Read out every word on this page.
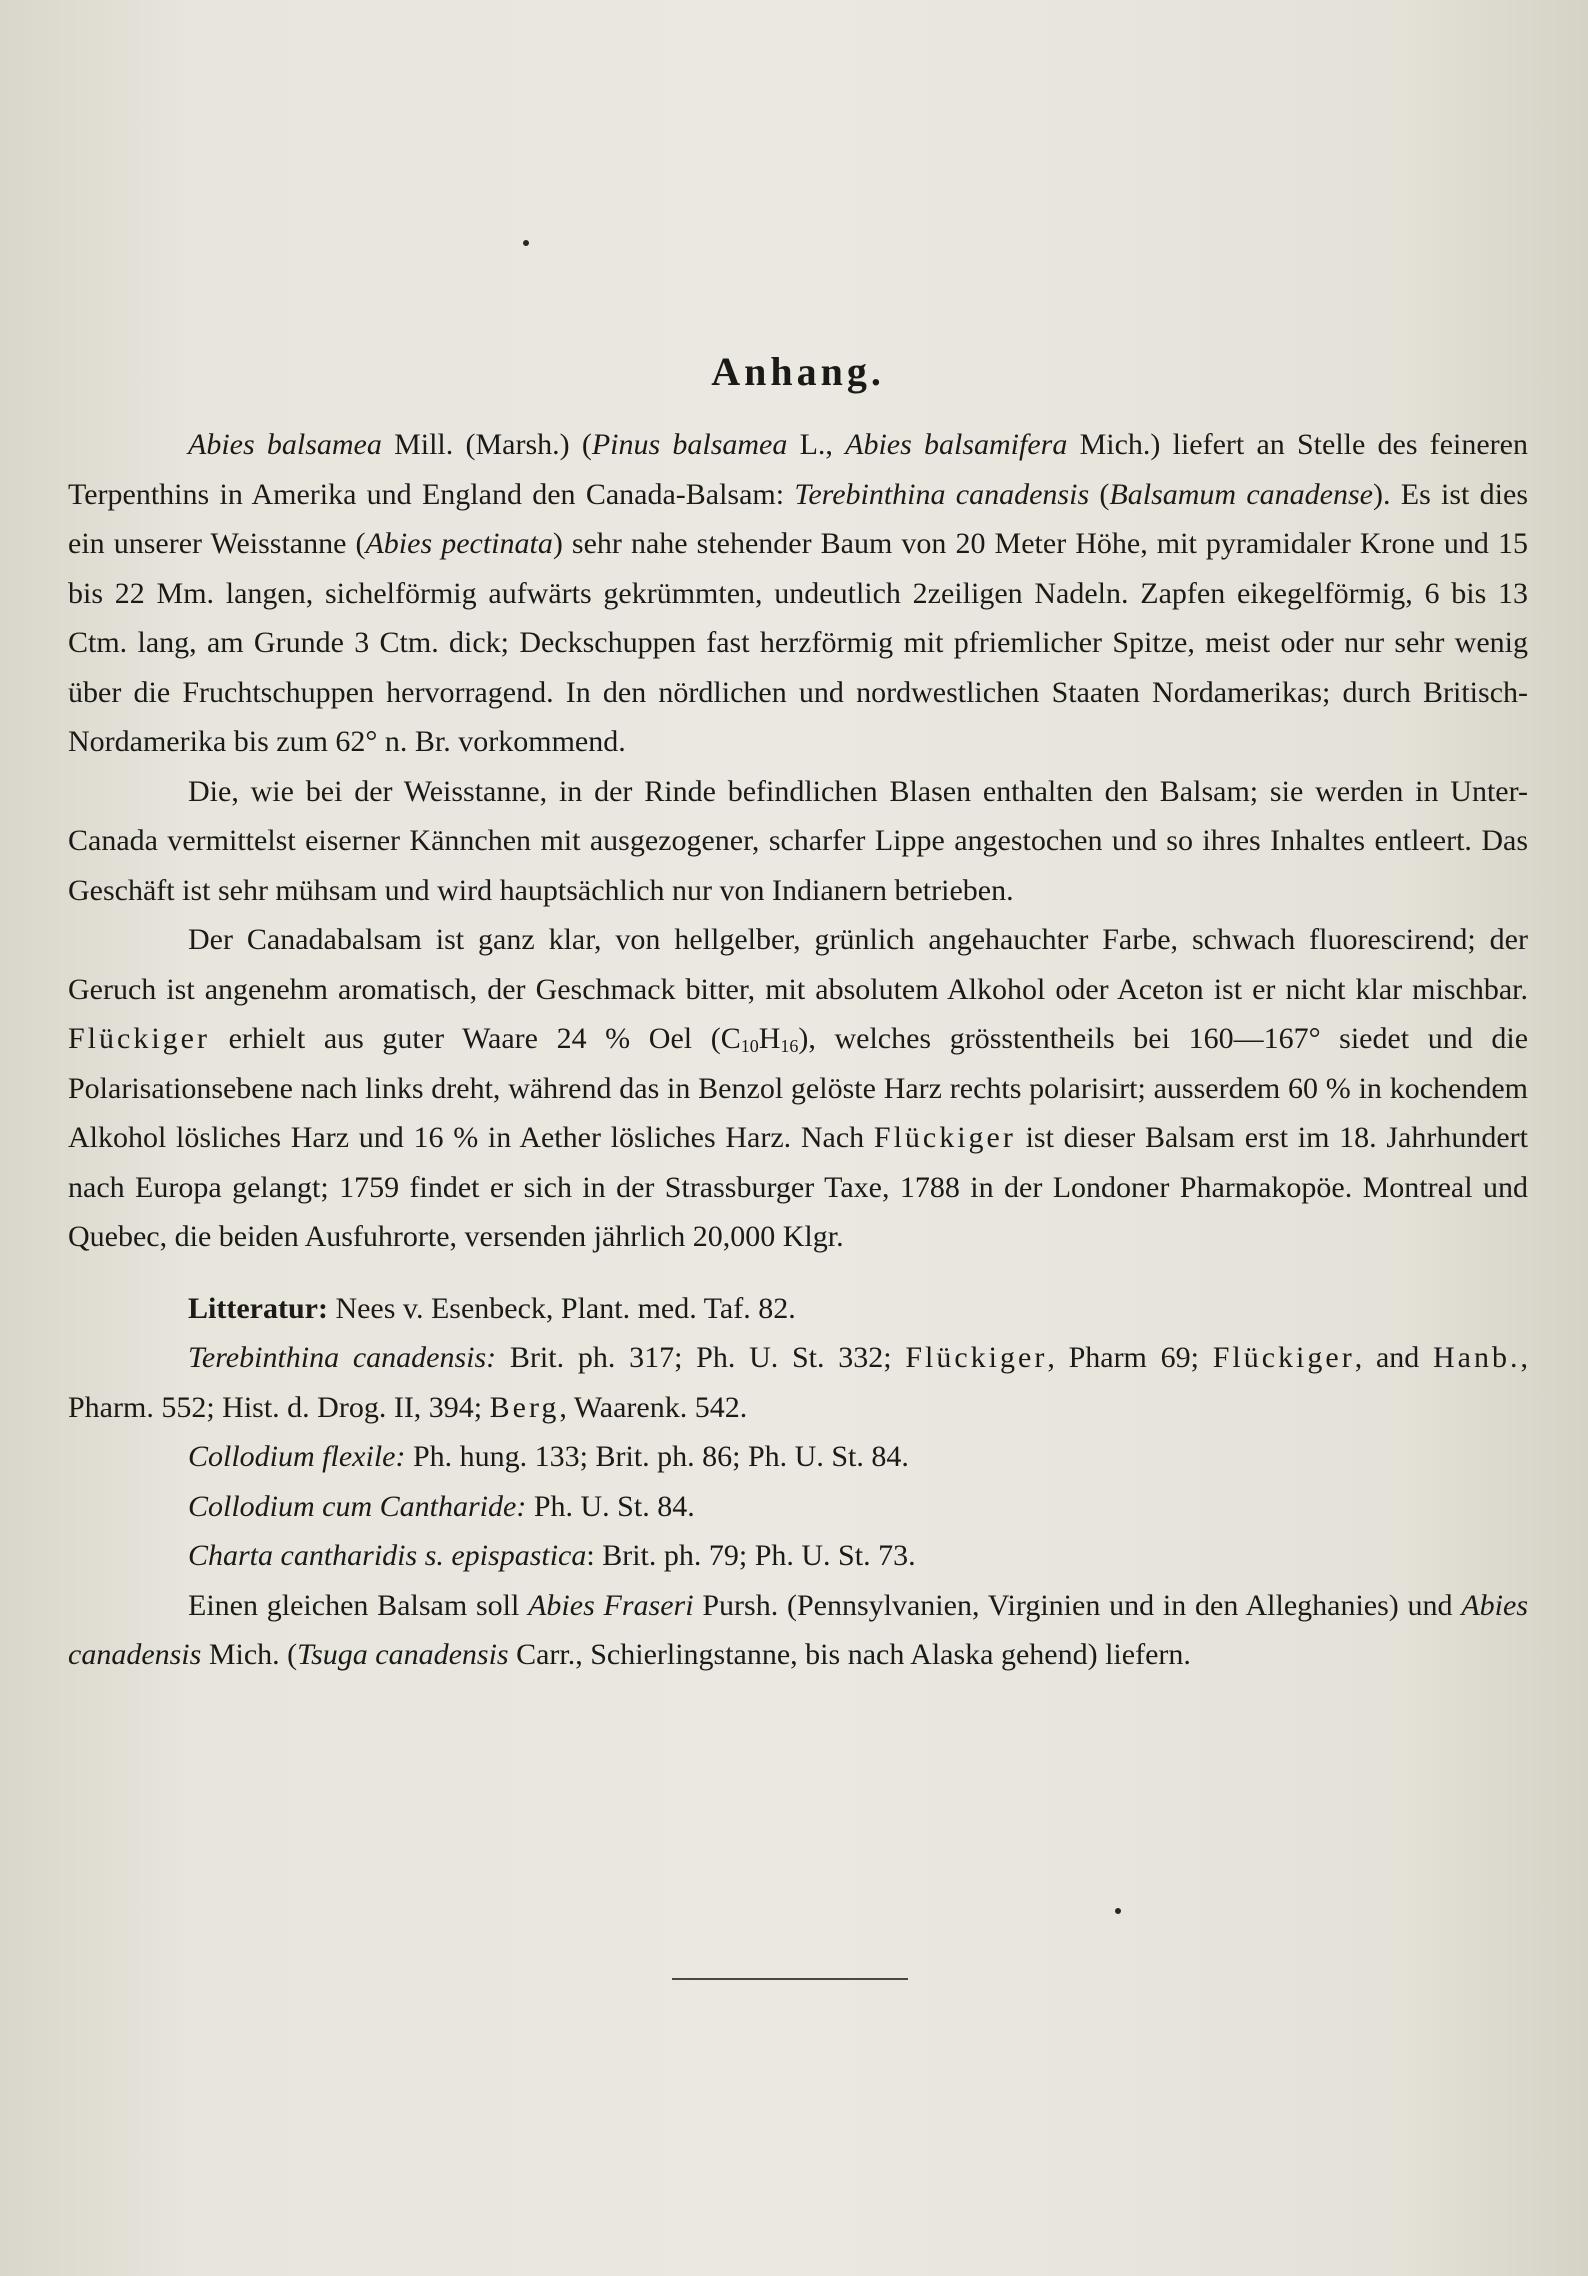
Anhang.

Abies balsamea Mill. (Marsh.) (Pinus balsamea L., Abies balsamifera Mich.) liefert an Stelle des feineren Terpenthins in Amerika und England den Canada-Balsam: Terebinthina canadensis (Balsamum canadense). Es ist dies ein unserer Weisstanne (Abies pectinata) sehr nahe stehender Baum von 20 Meter Höhe, mit pyramidaler Krone und 15 bis 22 Mm. langen, sichelförmig aufwärts gekrümmten, undeutlich 2zeiligen Nadeln. Zapfen eikegelförmig, 6 bis 13 Ctm. lang, am Grunde 3 Ctm. dick; Deckschuppen fast herzförmig mit pfriemlicher Spitze, meist oder nur sehr wenig über die Fruchtschuppen hervorragend. In den nördlichen und nordwestlichen Staaten Nordamerikas; durch Britisch-Nordamerika bis zum 62° n. Br. vorkommend.

Die, wie bei der Weisstanne, in der Rinde befindlichen Blasen enthalten den Balsam; sie werden in Unter-Canada vermittelst eiserner Kännchen mit ausgezogener, scharfer Lippe angestochen und so ihres Inhaltes entleert. Das Geschäft ist sehr mühsam und wird hauptsächlich nur von Indianern betrieben.

Der Canadabalsam ist ganz klar, von hellgelber, grünlich angehauchter Farbe, schwach fluorescirend; der Geruch ist angenehm aromatisch, der Geschmack bitter, mit absolutem Alkohol oder Aceton ist er nicht klar mischbar. Flückiger erhielt aus guter Waare 24 % Oel $(C_{10}H_{16})$, welches grösstentheils bei 160—167° siedet und die Polarisationsebene nach links dreht, während das in Benzol gelöste Harz rechts polarisirt; ausserdem 60 % in kochendem Alkohol lösliches Harz und 16 % in Aether lösliches Harz. Nach Flückiger ist dieser Balsam erst im 18. Jahrhundert nach Europa gelangt; 1759 findet er sich in der Strassburger Taxe, 1788 in der Londoner Pharmakopöe. Montreal und Quebec, die beiden Ausfuhrorte, versenden jährlich 20,000 Klgr.

Litteratur: Nees v. Esenbeck, Plant. med. Taf. 82.

Terebinthina canadensis: Brit. ph. 317; Ph. U. St. 332; Flückiger, Pharm 69; Flückiger, and Hanb., Pharm. 552; Hist. d. Drog. II, 394; Berg, Waarenk. 542.

Collodium flexile: Ph. hung. 133; Brit. ph. 86; Ph. U. St. 84.

Collodium cum Cantharide: Ph. U. St. 84.

Charta cantharidis s. epispastica: Brit. ph. 79; Ph. U. St. 73.

Einen gleichen Balsam soll Abies Fraseri Pursh. (Pennsylvanien, Virginien und in den Alleghanies) und Abies canadensis Mich. (Tsuga canadensis Carr., Schierlingstanne, bis nach Alaska gehend) liefern.
